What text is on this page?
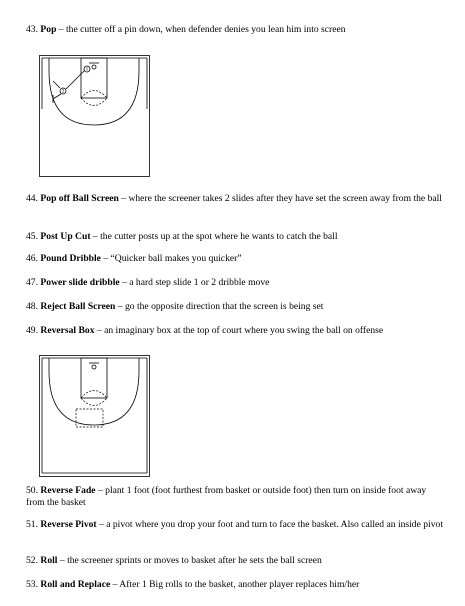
43. Pop – the cutter off a pin down, when defender denies you lean him into screen
1
2
44. Pop off Ball Screen – where the screener takes 2 slides after they have set the screen away from the ball
45. Post Up Cut – the cutter posts up at the spot where he wants to catch the ball
46. Pound Dribble – “Quicker ball makes you quicker”
47. Power slide dribble – a hard step slide 1 or 2 dribble move
48. Reject Ball Screen – go the opposite direction that the screen is being set
49. Reversal Box – an imaginary box at the top of court where you swing the ball on offense
50. Reverse Fade – plant 1 foot (foot furthest from basket or outside foot) then turn on inside foot away from the basket
51. Reverse Pivot – a pivot where you drop your foot and turn to face the basket. Also called an inside pivot
52. Roll – the screener sprints or moves to basket after he sets the ball screen
53. Roll and Replace – After 1 Big rolls to the basket, another player replaces him/her
